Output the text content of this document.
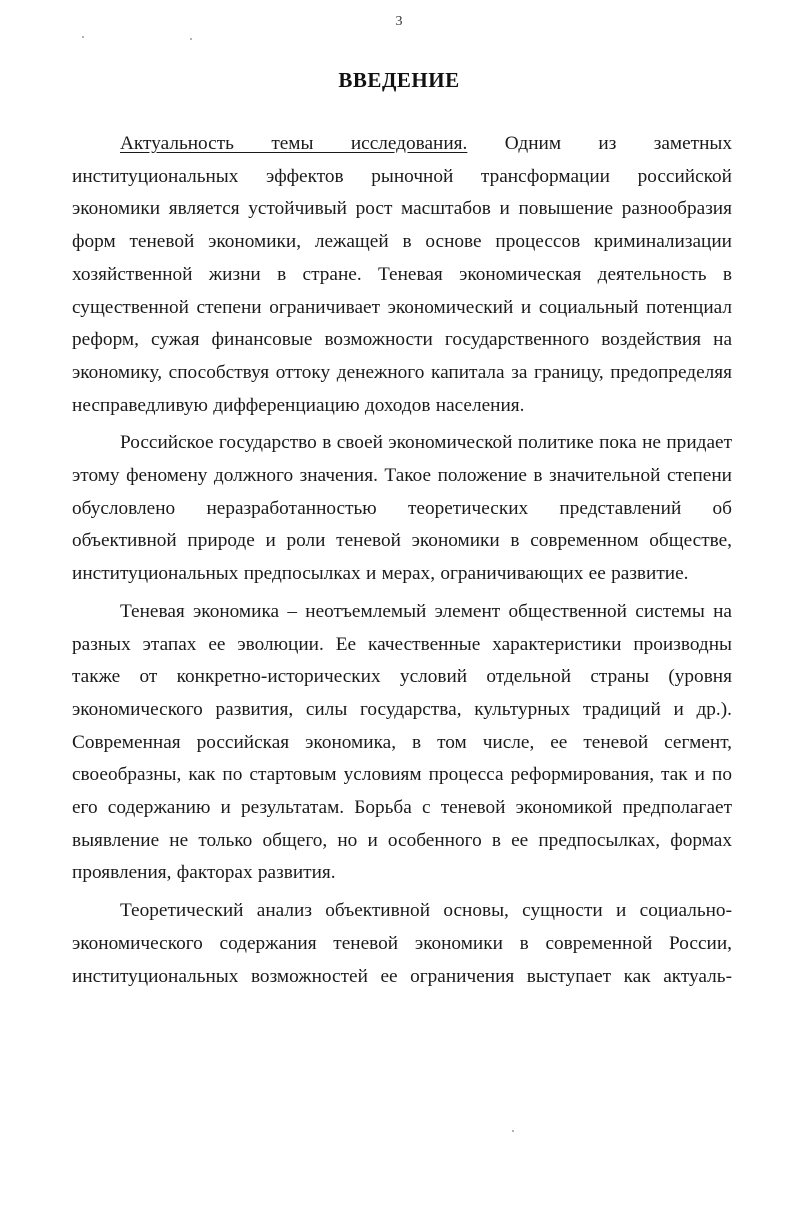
3
ВВЕДЕНИЕ

Актуальность темы исследования. Одним из заметных институциональных эффектов рыночной трансформации российской экономики является устойчивый рост масштабов и повышение разнообразия форм теневой экономики, лежащей в основе процессов криминализации хозяйственной жизни в стране. Теневая экономическая деятельность в существенной степени ограничивает экономический и социальный потенциал реформ, сужая финансовые возможности государственного воздействия на экономику, способствуя оттоку денежного капитала за границу, предопределяя несправедливую дифференциацию доходов населения.

Российское государство в своей экономической политике пока не придает этому феномену должного значения. Такое положение в значительной степени обусловлено неразработанностью теоретических представлений об объективной природе и роли теневой экономики в современном обществе, институциональных предпосылках и мерах, ограничивающих ее развитие.

Теневая экономика – неотъемлемый элемент общественной системы на разных этапах ее эволюции. Ее качественные характеристики производны также от конкретно-исторических условий отдельной страны (уровня экономического развития, силы государства, культурных традиций и др.). Современная российская экономика, в том числе, ее теневой сегмент, своеобразны, как по стартовым условиям процесса реформирования, так и по его содержанию и результатам. Борьба с теневой экономикой предполагает выявление не только общего, но и особенного в ее предпосылках, формах проявления, факторах развития.

Теоретический анализ объективной основы, сущности и социально-экономического содержания теневой экономики в современной России, институциональных возможностей ее ограничения выступает как актуаль-
